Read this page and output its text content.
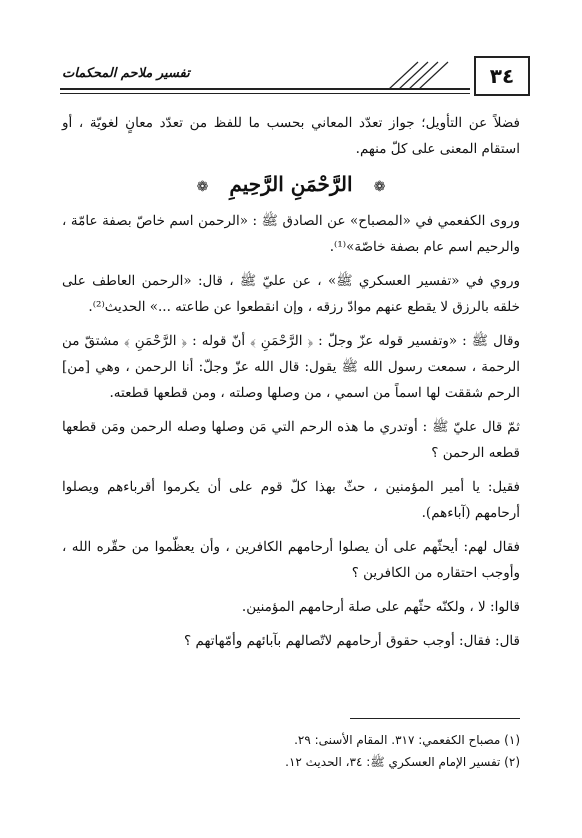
تفسير ملاحم المحكمات	٣٤

فضلاً عن التأويل؛ جواز تعدّد المعاني بحسب ما للفظ من تعدّد معانٍ لغويّة ، أو استقام المعنى على كلّ منهم.

❁ الرَّحْمَنِ الرَّحِيمِ ❁

وروى الكفعمي في «المصباح» عن الصادق ﷺ : «الرحمن اسم خاصّ بصفة عامّة ، والرحيم اسم عام بصفة خاصّة»⁽¹⁾.

وروي في «تفسير العسكري ﷺ» ، عن عليّ ﷺ ، قال: «الرحمن العاطف على خلقه بالرزق لا يقطع عنهم موادّ رزقه ، وإن انقطعوا عن طاعته ...» الحديث⁽²⁾.

وقال ﷺ : «وتفسير قوله عزّ وجلّ : ﴿ الرَّحْمَنِ ﴾ أنّ قوله : ﴿ الرَّحْمَنِ ﴾ مشتقّ من الرحمة ، سمعت رسول الله ﷺ يقول: قال الله عزّ وجلّ: أنا الرحمن ، وهي [من] الرحم شققت لها اسماً من اسمي ، من وصلها وصلته ، ومن قطعها قطعته.

ثمّ قال عليّ ﷺ : أوتدري ما هذه الرحم التي مَن وصلها وصله الرحمن ومَن قطعها قطعه الرحمن ؟

فقيل: يا أمير المؤمنين ، حثّ بهذا كلّ قوم على أن يكرموا أقرباءهم ويصلوا أرحامهم (آباءهم).

فقال لهم: أيحثّهم على أن يصلوا أرحامهم الكافرين ، وأن يعظّموا من حقّره الله ، وأوجب احتقاره من الكافرين ؟

قالوا: لا ، ولكنّه حثّهم على صلة أرحامهم المؤمنين.

قال: فقال: أوجب حقوق أرحامهم لاتّصالهم بآبائهم وأمّهاتهم ؟

(١) مصباح الكفعمي: ٣١٧. المقام الأسنى: ٢٩.

(٢) تفسير الإمام العسكري ﷺ: ٣٤، الحديث ١٢.
